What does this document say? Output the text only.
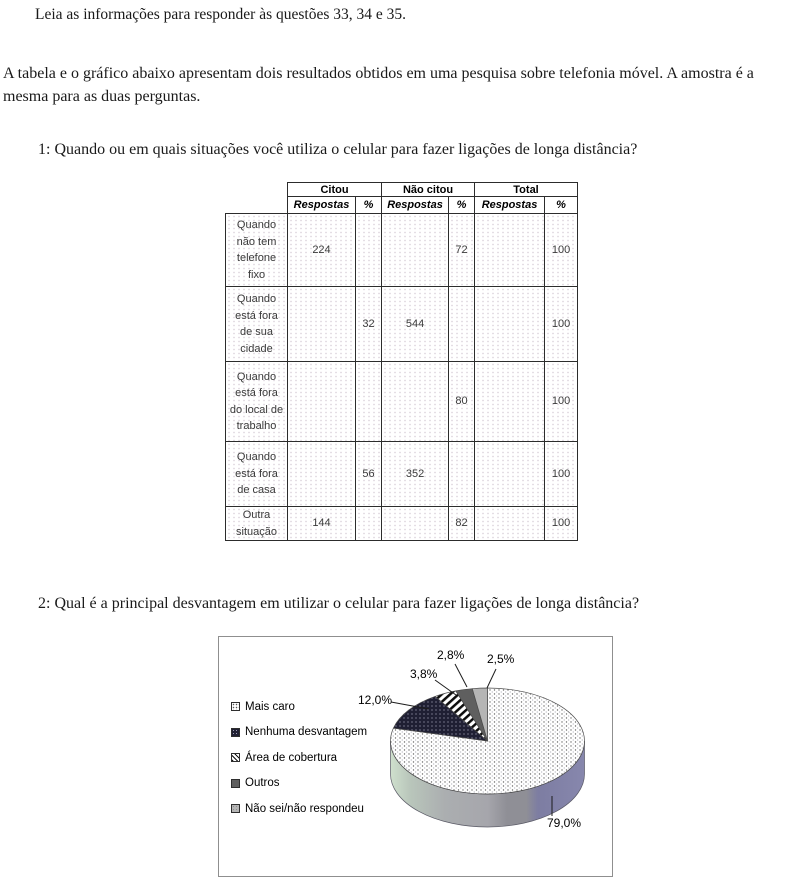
Leia as informações para responder às questões 33, 34 e 35.

A tabela e o gráfico abaixo apresentam dois resultados obtidos em uma pesquisa sobre telefonia móvel. A amostra é a mesma para as duas perguntas.

1: Quando ou em quais situações você utiliza o celular para fazer ligações de longa distância?

	Citou		Não citou		Total	
	Respostas	%	Respostas	%	Respostas	%
Quando não tem telefone fixo	224			72		100
Quando está fora de sua cidade		32	544			100
Quando está fora do local de trabalho				80		100
Quando está fora de casa		56	352			100
Outra situação	144			82		100

2: Qual é a principal desvantagem em utilizar o celular para fazer ligações de longa distância?

12,0%
3,8%
2,8% 2,5%
79,0%
Mais caro
Nenhuma desvantagem
Área de cobertura
Outros
Não sei/não respondeu
